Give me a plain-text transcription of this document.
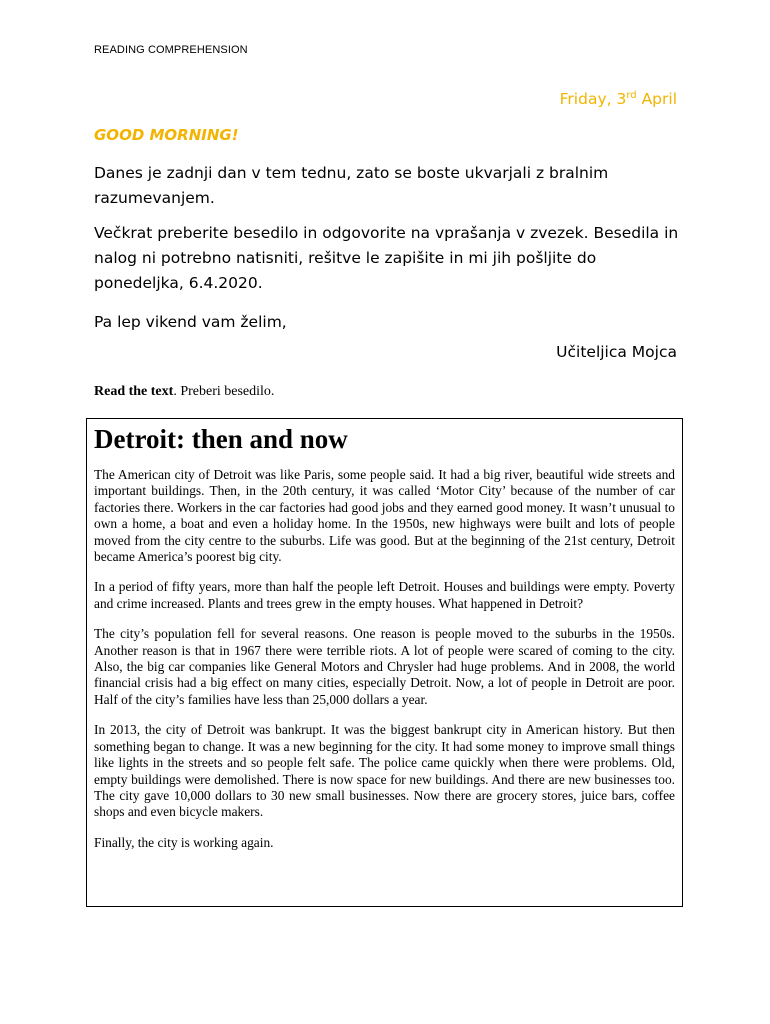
READING COMPREHENSION
Friday, 3rd April
GOOD MORNING!

Danes je zadnji dan v tem tednu, zato se boste ukvarjali z bralnim razumevanjem.

Večkrat preberite besedilo in odgovorite na vprašanja v zvezek. Besedila in nalog ni potrebno natisniti, rešitve le zapišite in mi jih pošljite do ponedeljka, 6.4.2020.

Pa lep vikend vam želim,

Učiteljica Mojca
Read the text. Preberi besedilo.
Detroit: then and now

The American city of Detroit was like Paris, some people said. It had a big river, beautiful wide streets and important buildings. Then, in the 20th century, it was called ‘Motor City’ because of the number of car factories there. Workers in the car factories had good jobs and they earned good money. It wasn’t unusual to own a home, a boat and even a holiday home. In the 1950s, new highways were built and lots of people moved from the city centre to the suburbs. Life was good. But at the beginning of the 21st century, Detroit became America’s poorest big city.

In a period of fifty years, more than half the people left Detroit. Houses and buildings were empty. Poverty and crime increased. Plants and trees grew in the empty houses. What happened in Detroit?

The city’s population fell for several reasons. One reason is people moved to the suburbs in the 1950s. Another reason is that in 1967 there were terrible riots. A lot of people were scared of coming to the city. Also, the big car companies like General Motors and Chrysler had huge problems. And in 2008, the world financial crisis had a big effect on many cities, especially Detroit. Now, a lot of people in Detroit are poor. Half of the city’s families have less than 25,000 dollars a year.

In 2013, the city of Detroit was bankrupt. It was the biggest bankrupt city in American history. But then something began to change. It was a new beginning for the city. It had some money to improve small things like lights in the streets and so people felt safe. The police came quickly when there were problems. Old, empty buildings were demolished. There is now space for new buildings. And there are new businesses too. The city gave 10,000 dollars to 30 new small businesses. Now there are grocery stores, juice bars, coffee shops and even bicycle makers.

Finally, the city is working again.
